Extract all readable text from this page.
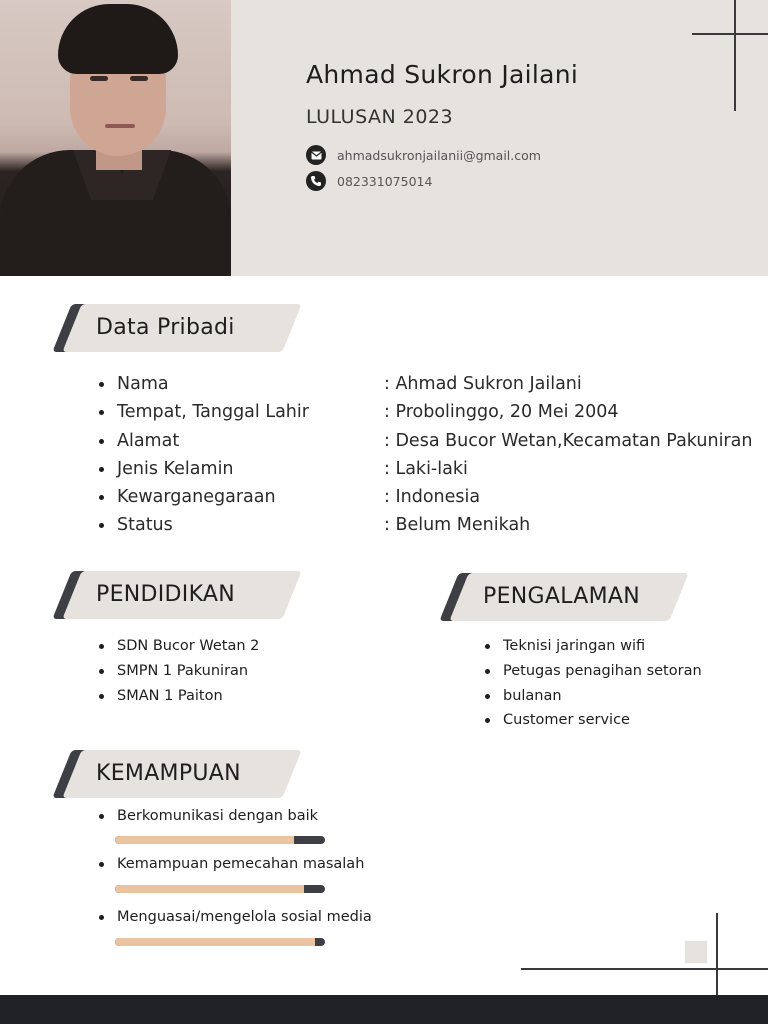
Ahmad Sukron Jailani
LULUSAN 2023
ahmadsukronjailanii@gmail.com
082331075014
Data Pribadi
Nama
Tempat, Tanggal Lahir
Alamat
Jenis Kelamin
Kewarganegaraan
Status
: Ahmad Sukron Jailani
: Probolinggo, 20 Mei 2004
: Desa Bucor Wetan,Kecamatan Pakuniran
: Laki-laki
: Indonesia
: Belum Menikah
PENDIDIKAN
SDN Bucor Wetan 2
SMPN 1 Pakuniran
SMAN 1 Paiton
PENGALAMAN
Teknisi jaringan wifi
Petugas penagihan setoran
bulanan
Customer service
KEMAMPUAN
Berkomunikasi dengan baik
Kemampuan pemecahan masalah
Menguasai/mengelola sosial media
